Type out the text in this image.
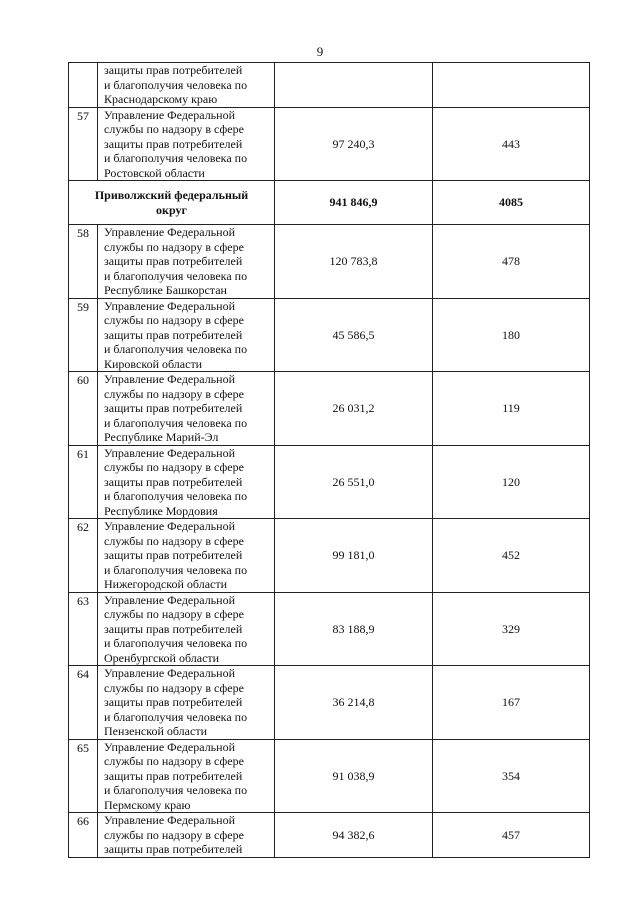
9

	защиты прав потребителей
и благополучия человека по
Краснодарскому краю		

57	Управление Федеральной
службы по надзору в сфере
защиты прав потребителей
и благополучия человека по
Ростовской области	97 240,3	443

Приволжский федеральный
округ		941 846,9	4085
58	Управление Федеральной
службы по надзору в сфере
защиты прав потребителей
и благополучия человека по
Республике Башкорстан	120 783,8	478
59	Управление Федеральной
службы по надзору в сфере
защиты прав потребителей
и благополучия человека по
Кировской области	45 586,5	180
60	Управление Федеральной
службы по надзору в сфере
защиты прав потребителей
и благополучия человека по
Республике Марий-Эл	26 031,2	119
61	Управление Федеральной
службы по надзору в сфере
защиты прав потребителей
и благополучия человека по
Республике Мордовия	26 551,0	120
62	Управление Федеральной
службы по надзору в сфере
защиты прав потребителей
и благополучия человека по
Нижегородской области	99 181,0	452
63	Управление Федеральной
службы по надзору в сфере
защиты прав потребителей
и благополучия человека по
Оренбургской области	83 188,9	329
64	Управление Федеральной
службы по надзору в сфере
защиты прав потребителей
и благополучия человека по
Пензенской области	36 214,8	167
65	Управление Федеральной
службы по надзору в сфере
защиты прав потребителей
и благополучия человека по
Пермскому краю	91 038,9	354
66	Управление Федеральной
службы по надзору в сфере
защиты прав потребителей	94 382,6	457
